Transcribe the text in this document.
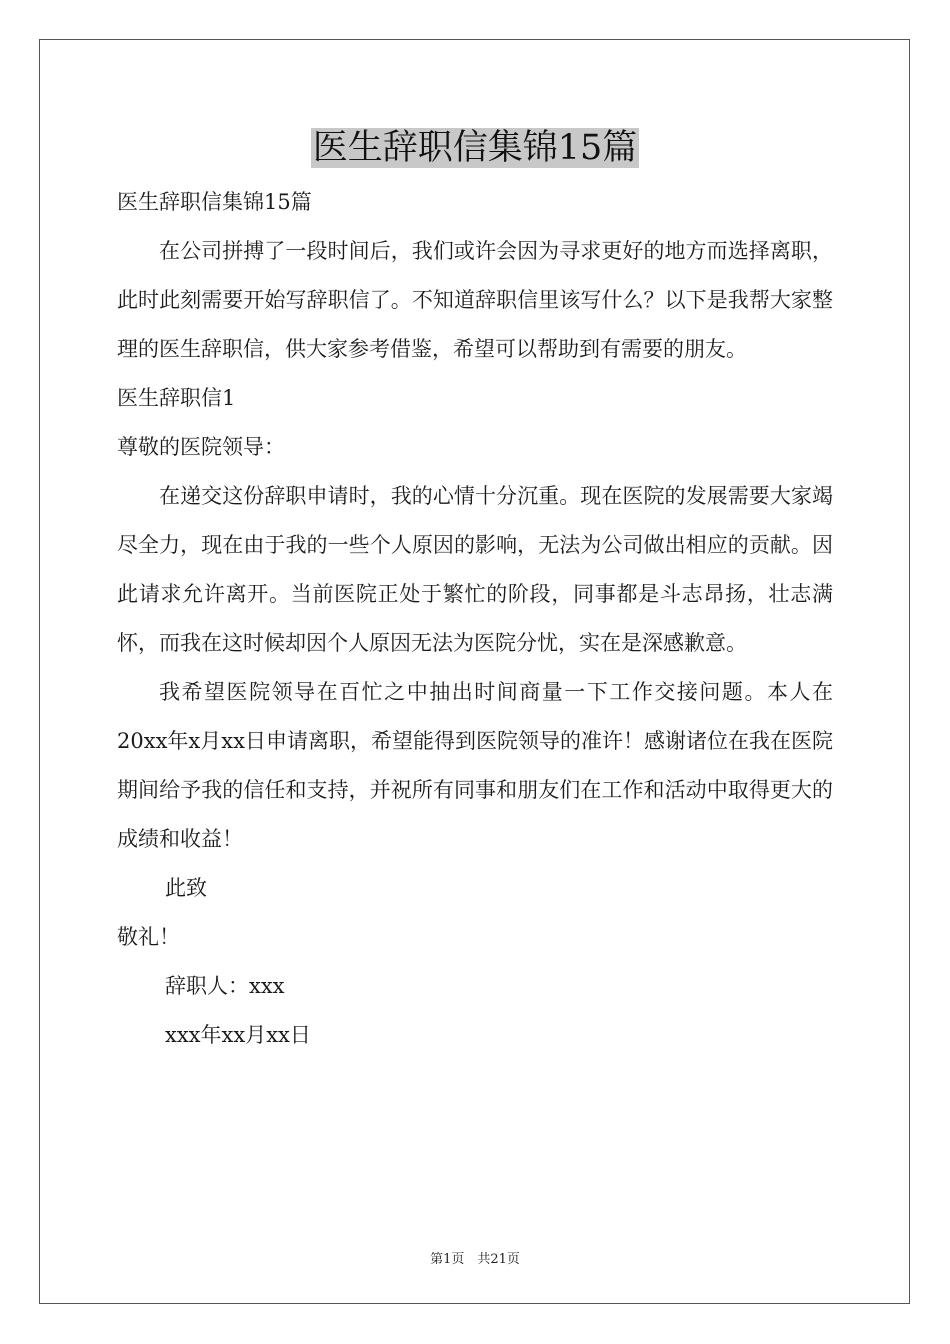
医生辞职信集锦15篇
医生辞职信集锦15篇
在公司拼搏了一段时间后，我们或许会因为寻求更好的地方而选择离职，此时此刻需要开始写辞职信了。不知道辞职信里该写什么？以下是我帮大家整理的医生辞职信，供大家参考借鉴，希望可以帮助到有需要的朋友。
医生辞职信1
尊敬的医院领导：
在递交这份辞职申请时，我的心情十分沉重。现在医院的发展需要大家竭尽全力，现在由于我的一些个人原因的影响，无法为公司做出相应的贡献。因此请求允许离开。当前医院正处于繁忙的阶段，同事都是斗志昂扬，壮志满怀，而我在这时候却因个人原因无法为医院分忧，实在是深感歉意。
我希望医院领导在百忙之中抽出时间商量一下工作交接问题。本人在20xx年x月xx日申请离职，希望能得到医院领导的准许！感谢诸位在我在医院期间给予我的信任和支持，并祝所有同事和朋友们在工作和活动中取得更大的成绩和收益！
此致
敬礼！
辞职人：xxx
xxx年xx月xx日
第1页　共21页
